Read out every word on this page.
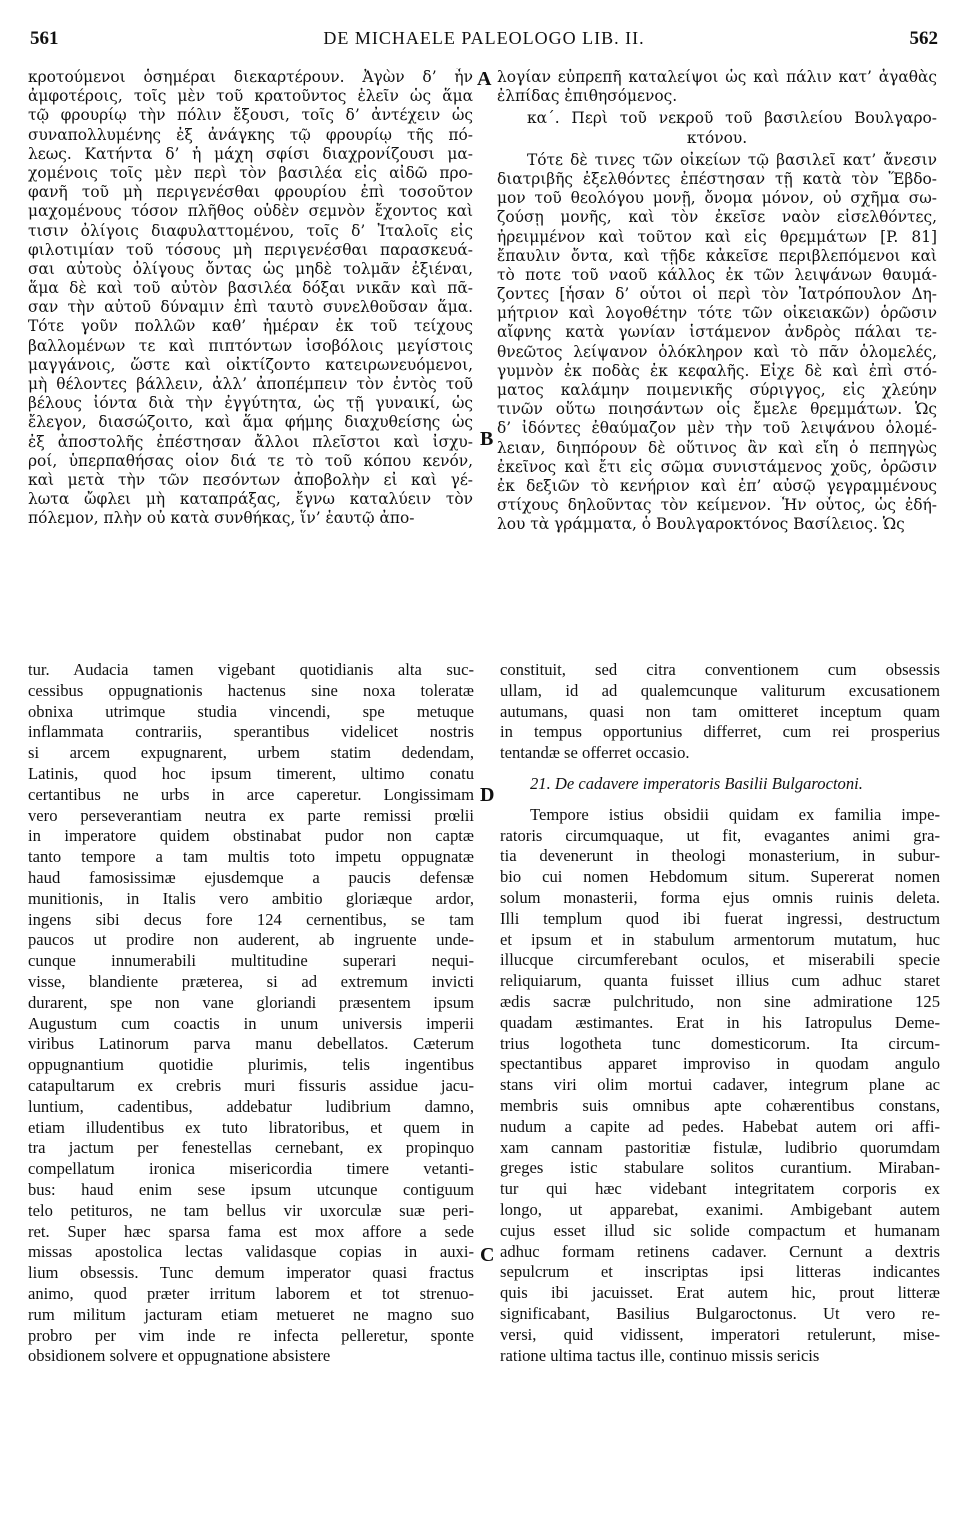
561	DE MICHAELE PALEOLOGO LIB. II.	562
κροτούμενοι ὁσημέραι διεκαρτέρουν. Ἀγὼν δ’ ἦν
ἀμφοτέροις, τοῖς μὲν τοῦ κρατοῦντος ἑλεῖν ὡς ἅμα
τῷ φρουρίῳ τὴν πόλιν ἔξουσι, τοῖς δ’ ἀντέχειν ὡς
συναπολλυμένης ἐξ ἀνάγκης τῷ φρουρίῳ τῆς πό-
λεως. Κατήντα δ’ ἡ μάχη σφίσι διαχρονίζουσι μα-
χομένοις τοῖς μὲν περὶ τὸν βασιλέα εἰς αἰδῶ προ-
φανῆ τοῦ μὴ περιγενέσθαι φρουρίου ἐπὶ τοσοῦτον
μαχομένους τόσον πλῆθος οὐδὲν σεμνὸν ἔχοντος καὶ
τισιν ὀλίγοις διαφυλαττομένου, τοῖς δ’ Ἰταλοῖς εἰς
φιλοτιμίαν τοῦ τόσους μὴ περιγενέσθαι παρασκευά-
σαι αὐτοὺς ὀλίγους ὄντας ὡς μηδὲ τολμᾶν ἐξιέναι,
ἅμα δὲ καὶ τοῦ αὐτὸν βασιλέα δόξαι νικᾶν καὶ πᾶ-
σαν τὴν αὐτοῦ δύναμιν ἐπὶ ταυτὸ συνελθοῦσαν ἅμα.
Τότε γοῦν πολλῶν καθ’ ἡμέραν ἐκ τοῦ τείχους
βαλλομένων τε καὶ πιπτόντων ἰσοβόλοις μεγίστοις
μαγγάνοις, ὥστε καὶ οἰκτίζοντο κατειρωνευόμενοι,
μὴ θέλοντες βάλλειν, ἀλλ’ ἀποπέμπειν τὸν ἐντὸς τοῦ
βέλους ἰόντα διὰ τὴν ἐγγύτητα, ὡς τῇ γυναικί, ὡς
ἔλεγον, διασώζοιτο, καὶ ἅμα φήμης διαχυθείσης ὡς
ἐξ ἀποστολῆς ἐπέστησαν ἄλλοι πλεῖστοι καὶ ἰσχυ-
ροί, ὑπερπαθήσας οἷον διά τε τὸ τοῦ κόπου κενόν,
καὶ μετὰ τὴν τῶν πεσόντων ἀποβολὴν εἰ καὶ γέ-
λωτα ὤφλει μὴ καταπράξας, ἔγνω καταλύειν τὸν
πόλεμον, πλὴν οὐ κατὰ συνθήκας, ἵν’ ἑαυτῷ ἀπο-
λογίαν εὐπρεπῆ καταλείψοι ὡς καὶ πάλιν κατ’ ἀγαθὰς
ἐλπίδας ἐπιθησόμενος.
κα΄. Περὶ τοῦ νεκροῦ τοῦ βασιλείου Βουλγαρο-
κτόνου.
Τότε δὲ τινες τῶν οἰκείων τῷ βασιλεῖ κατ’ ἄνεσιν
διατριβῆς ἐξελθόντες ἐπέστησαν τῇ κατὰ τὸν Ἕβδο-
μον τοῦ θεολόγου μονῇ, ὄνομα μόνον, οὐ σχῆμα σω-
ζούσῃ μονῆς, καὶ τὸν ἐκεῖσε ναὸν εἰσελθόντες,
ἠρειμμένον καὶ τοῦτον καὶ εἰς θρεμμάτων [P. 81]
ἔπαυλιν ὄντα, καὶ τῇδε κἀκεῖσε περιβλεπόμενοι καὶ
τὸ ποτε τοῦ ναοῦ κάλλος ἐκ τῶν λειψάνων θαυμά-
ζοντες [ἦσαν δ’ οὗτοι οἱ περὶ τὸν Ἰατρόπουλον Δη-
μήτριον καὶ λογοθέτην τότε τῶν οἰκειακῶν) ὁρῶσιν
αἴφνης κατὰ γωνίαν ἱστάμενον ἀνδρὸς πάλαι τε-
θνεῶτος λείψανον ὁλόκληρον καὶ τὸ πᾶν ὁλομελές,
γυμνὸν ἐκ ποδὰς ἐκ κεφαλῆς. Εἶχε δὲ καὶ ἐπὶ στό-
ματος καλάμην ποιμενικῆς σύριγγος, εἰς χλεύην
τινῶν οὕτω ποιησάντων οἷς ἔμελε θρεμμάτων. Ὡς
δ’ ἰδόντες ἐθαύμαζον μὲν τὴν τοῦ λειψάνου ὁλομέ-
λειαν, διηπόρουν δὲ οὕτινος ἂν καὶ εἴη ὁ πεπηγὼς
ἐκεῖνος καὶ ἔτι εἰς σῶμα συνιστάμενος χοῦς, ὁρῶσιν
ἐκ δεξιῶν τὸ κενήριον καὶ ἐπ’ αὐσῷ γεγραμμένους
στίχους δηλοῦντας τὸν κείμενον. Ἦν οὗτος, ὡς ἐδή-
λου τὰ γράμματα, ὁ Βουλγαροκτόνος Βασίλειος. Ὡς
tur. Audacia tamen vigebant quotidianis alta suc-
cessibus oppugnationis hactenus sine noxa toleratæ
obnixa utrimque studia vincendi, spe metuque
inflammata contrariis, sperantibus videlicet nostris
si arcem expugnarent, urbem statim dedendam,
Latinis, quod hoc ipsum timerent, ultimo conatu
certantibus ne urbs in arce caperetur. Longissimam
vero perseverantiam neutra ex parte remissi prœlii
in imperatore quidem obstinabat pudor non captæ
tanto tempore a tam multis toto impetu oppugnatæ
haud famosissimæ ejusdemque a paucis defensæ
munitionis, in Italis vero ambitio gloriæque ardor,
ingens sibi decus fore 124 cernentibus, se tam
paucos ut prodire non auderent, ab ingruente unde-
cunque innumerabili multitudine superari nequi-
visse, blandiente præterea, si ad extremum invicti
durarent, spe non vane gloriandi præsentem ipsum
Augustum cum coactis in unum universis imperii
viribus Latinorum parva manu debellatos. Cæterum
oppugnantium quotidie plurimis, telis ingentibus
catapultarum ex crebris muri fissuris assidue jacu-
luntium, cadentibus, addebatur ludibrium damno,
etiam illudentibus ex tuto libratoribus, et quem in
tra jactum per fenestellas cernebant, ex propinquo
compellatum ironica misericordia timere vetanti-
bus: haud enim sese ipsum utcunque contiguum
telo petituros, ne tam bellus vir uxorculæ suæ peri-
ret. Super hæc sparsa fama est mox affore a sede
missas apostolica lectas validasque copias in auxi-
lium obsessis. Tunc demum imperator quasi fractus
animo, quod præter irritum laborem et tot strenuo-
rum militum jacturam etiam metueret ne magno suo
probro per vim inde re infecta pelleretur, sponte
obsidionem solvere et oppugnatione absistere
constituit, sed citra conventionem cum obsessis
ullam, id ad qualemcunque valiturum excusationem
autumans, quasi non tam omitteret inceptum quam
in tempus opportunius differret, cum rei prosperius
tentandæ se offerret occasio.
21. De cadavere imperatoris Basilii Bulgaroctoni.
Tempore istius obsidii quidam ex familia impe-
ratoris circumquaque, ut fit, evagantes animi gra-
tia devenerunt in theologi monasterium, in subur-
bio cui nomen Hebdomum situm. Supererat nomen
solum monasterii, forma ejus omnis ruinis deleta.
Illi templum quod ibi fuerat ingressi, destructum
et ipsum et in stabulum armentorum mutatum, huc
illucque circumferebant oculos, et miserabili specie
reliquiarum, quanta fuisset illius cum adhuc staret
ædis sacræ pulchritudo, non sine admiratione 125
quadam æstimantes. Erat in his Iatropulus Deme-
trius logotheta tunc domesticorum. Ita circum-
spectantibus apparet improviso in quodam angulo
stans viri olim mortui cadaver, integrum plane ac
membris suis omnibus apte cohærentibus constans,
nudum a capite ad pedes. Habebat autem ori affi-
xam cannam pastoritiæ fistulæ, ludibrio quorumdam
greges istic stabulare solitos curantium. Miraban-
tur qui hæc videbant integritatem corporis ex
longo, ut apparebat, exanimi. Ambigebant autem
cujus esset illud sic solide compactum et humanam
adhuc formam retinens cadaver. Cernunt a dextris
sepulcrum et inscriptas ipsi litteras indicantes
quis ibi jacuisset. Erat autem hic, prout litteræ
significabant, Basilius Bulgaroctonus. Ut vero re-
versi, quid vidissent, imperatori retulerunt, mise-
ratione ultima tactus ille, continuo missis sericis
A
B
D
C
